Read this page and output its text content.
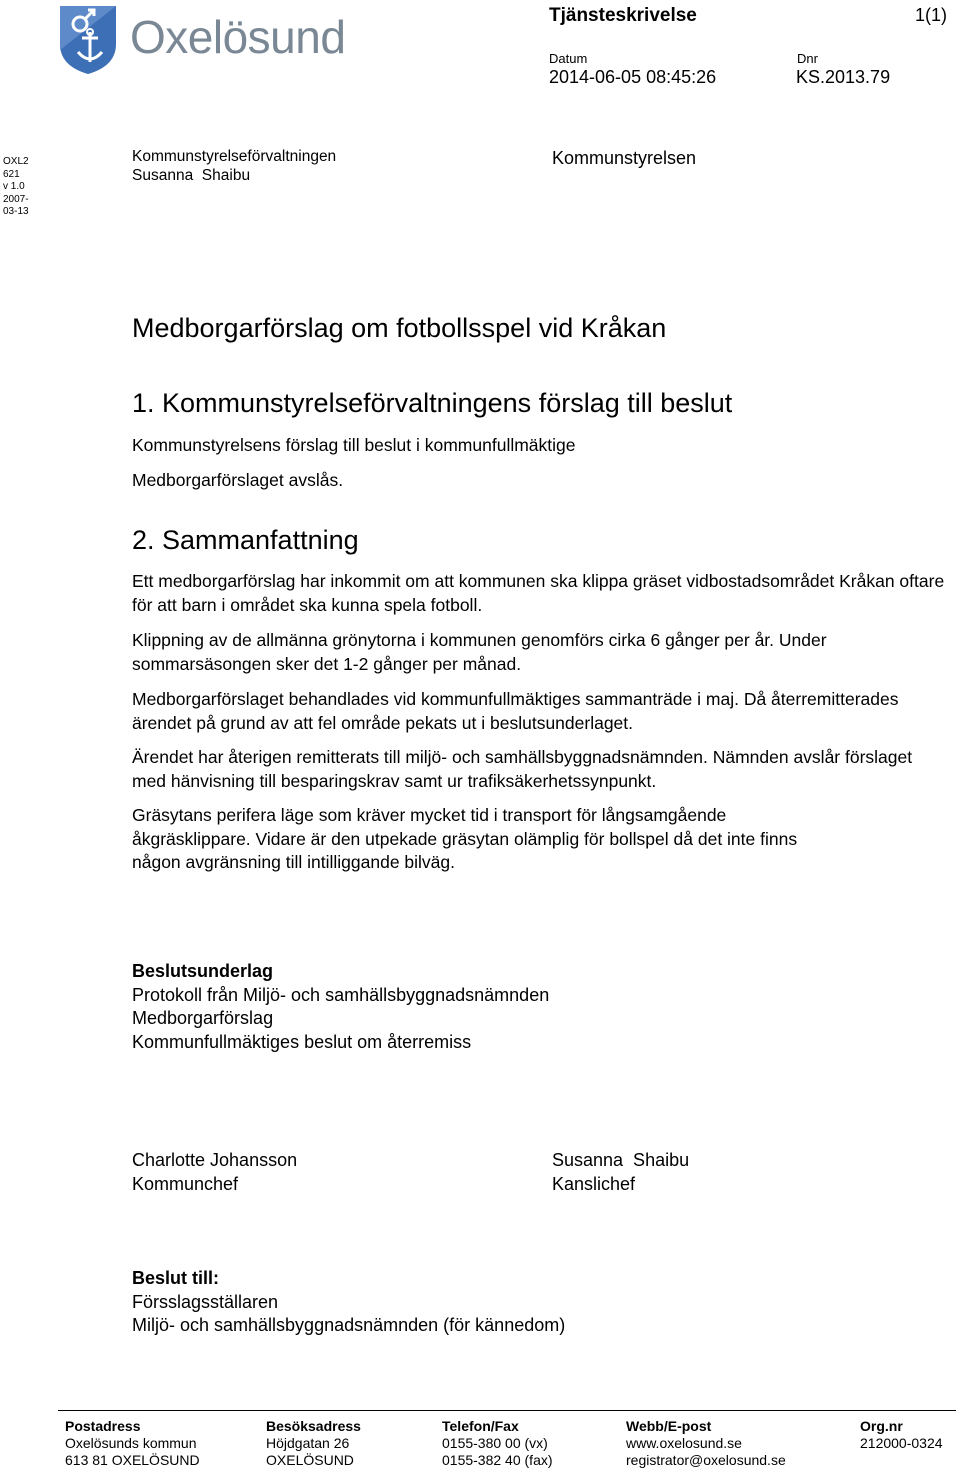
Oxelösund	Tjänsteskrivelse	1(1)
Datum	Dnr
2014-06-05 08:45:26	KS.2013.79
OXL2
621
v 1.0
2007-
03-13
Kommunstyrelseförvaltningen
Susanna  Shaibu
Kommunstyrelsen
Medborgarförslag om fotbollsspel vid Kråkan
1. Kommunstyrelseförvaltningens förslag till beslut
Kommunstyrelsens förslag till beslut i kommunfullmäktige
Medborgarförslaget avslås.
2. Sammanfattning
Ett medborgarförslag har inkommit om att kommunen ska klippa gräset vidbostadsområdet Kråkan oftare för att barn i området ska kunna spela fotboll.
Klippning av de allmänna grönytorna i kommunen genomförs cirka 6 gånger per år. Under sommarsäsongen sker det 1-2 gånger per månad.
Medborgarförslaget behandlades vid kommunfullmäktiges sammanträde i maj. Då återremitterades ärendet på grund av att fel område pekats ut i beslutsunderlaget.
Ärendet har återigen remitterats till miljö- och samhällsbyggnadsnämnden. Nämnden avslår förslaget med hänvisning till besparingskrav samt ur trafiksäkerhetssynpunkt.
Gräsytans perifera läge som kräver mycket tid i transport för långsamgående åkgräsklippare. Vidare är den utpekade gräsytan olämplig för bollspel då det inte finns någon avgränsning till intilliggande bilväg.
Beslutsunderlag
Protokoll från Miljö- och samhällsbyggnadsnämnden
Medborgarförslag
Kommunfullmäktiges beslut om återremiss
Charlotte Johansson
Kommunchef
Susanna  Shaibu
Kanslichef
Beslut till:
Försslagsställaren
Miljö- och samhällsbyggnadsnämnden (för kännedom)
Postadress
Oxelösunds kommun
613 81 OXELÖSUND
Besöksadress
Höjdgatan 26
OXELÖSUND
Telefon/Fax
0155-380 00 (vx)
0155-382 40 (fax)
Webb/E-post
www.oxelosund.se
registrator@oxelosund.se
Org.nr
212000-0324
